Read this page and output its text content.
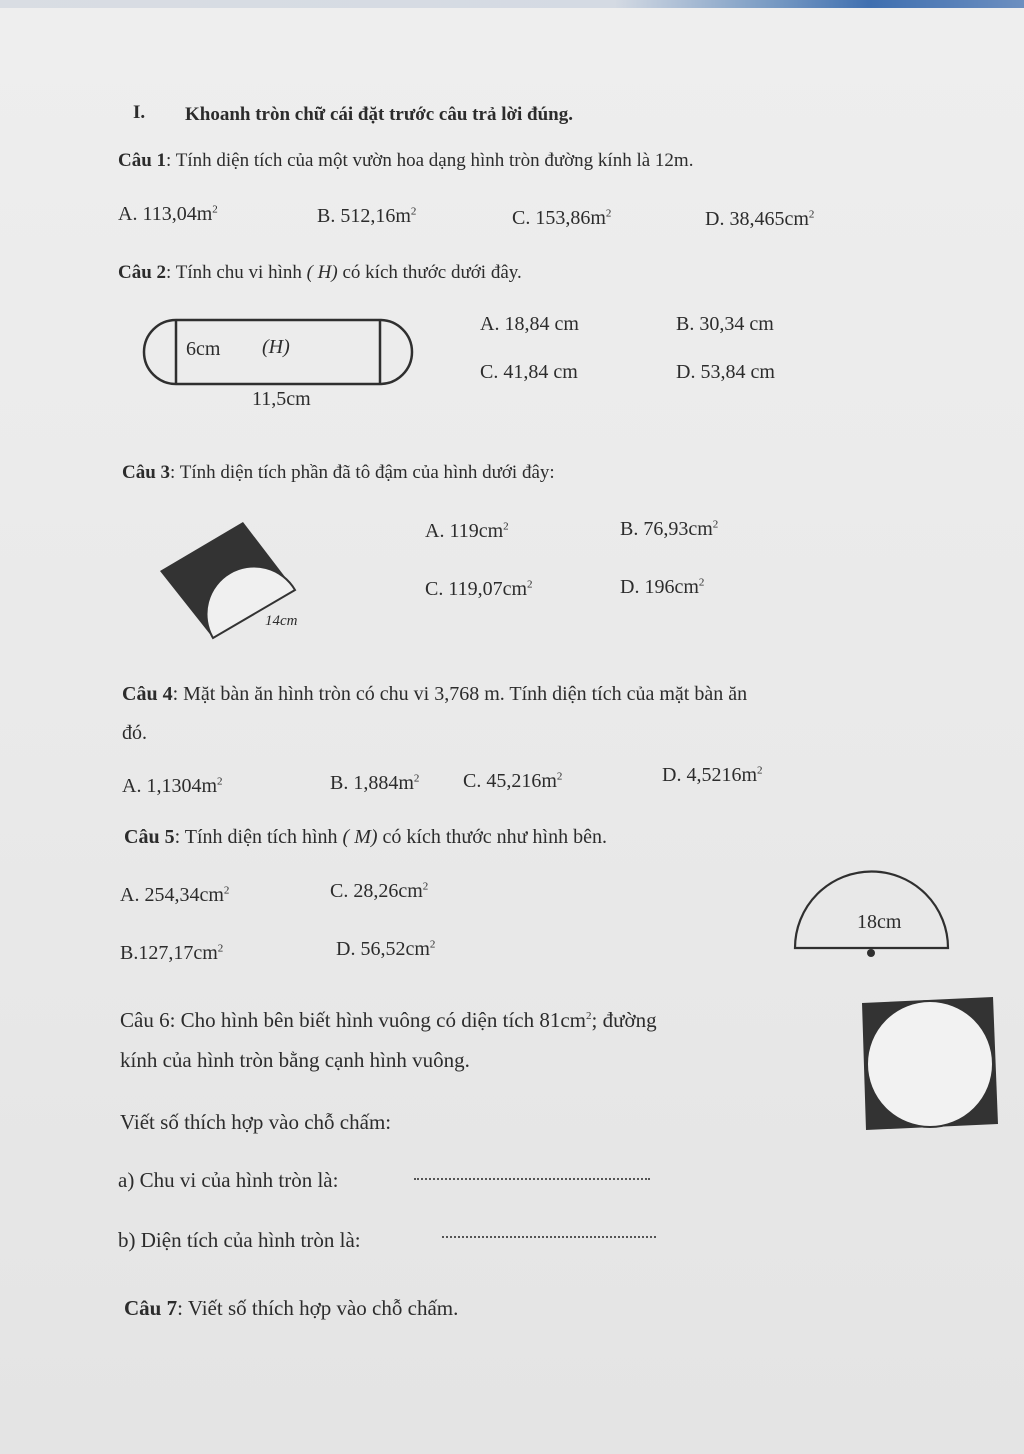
I. Khoanh tròn chữ cái đặt trước câu trả lời đúng.
Câu 1: Tính diện tích của một vườn hoa dạng hình tròn đường kính là 12m.
A. $113,04m^2$	B. $512,16m^2$	C. $153,86m^2$	D. $38,465cm^2$
Câu 2: Tính chu vi hình ( H) có kích thước dưới đây.
6cm (H)
11,5cm
A. 18,84 cm	B. 30,34 cm
C. 41,84 cm	D. 53,84 cm
Câu 3: Tính diện tích phần đã tô đậm của hình dưới đây:
14cm
A. $119cm^2$	B. $76,93cm^2$
C. $119,07cm^2$	D. $196cm^2$
Câu 4: Mặt bàn ăn hình tròn có chu vi 3,768 m. Tính diện tích của mặt bàn ăn
đó.
A. $1,1304m^2$	B. $1,884m^2$ C. $45,216m^2$	D. $4,5216m^2$
Câu 5: Tính diện tích hình ( M) có kích thước như hình bên.
A. $254,34cm^2$	C. $28,26cm^2$
$B.127,17cm^2$	D. $56,52cm^2$
18cm
Câu 6: Cho hình bên biết hình vuông có diện tích $81cm^2$; đường
kính của hình tròn bằng cạnh hình vuông.
Viết số thích hợp vào chỗ chấm:
a) Chu vi của hình tròn là:
b) Diện tích của hình tròn là:
Câu 7: Viết số thích hợp vào chỗ chấm.
